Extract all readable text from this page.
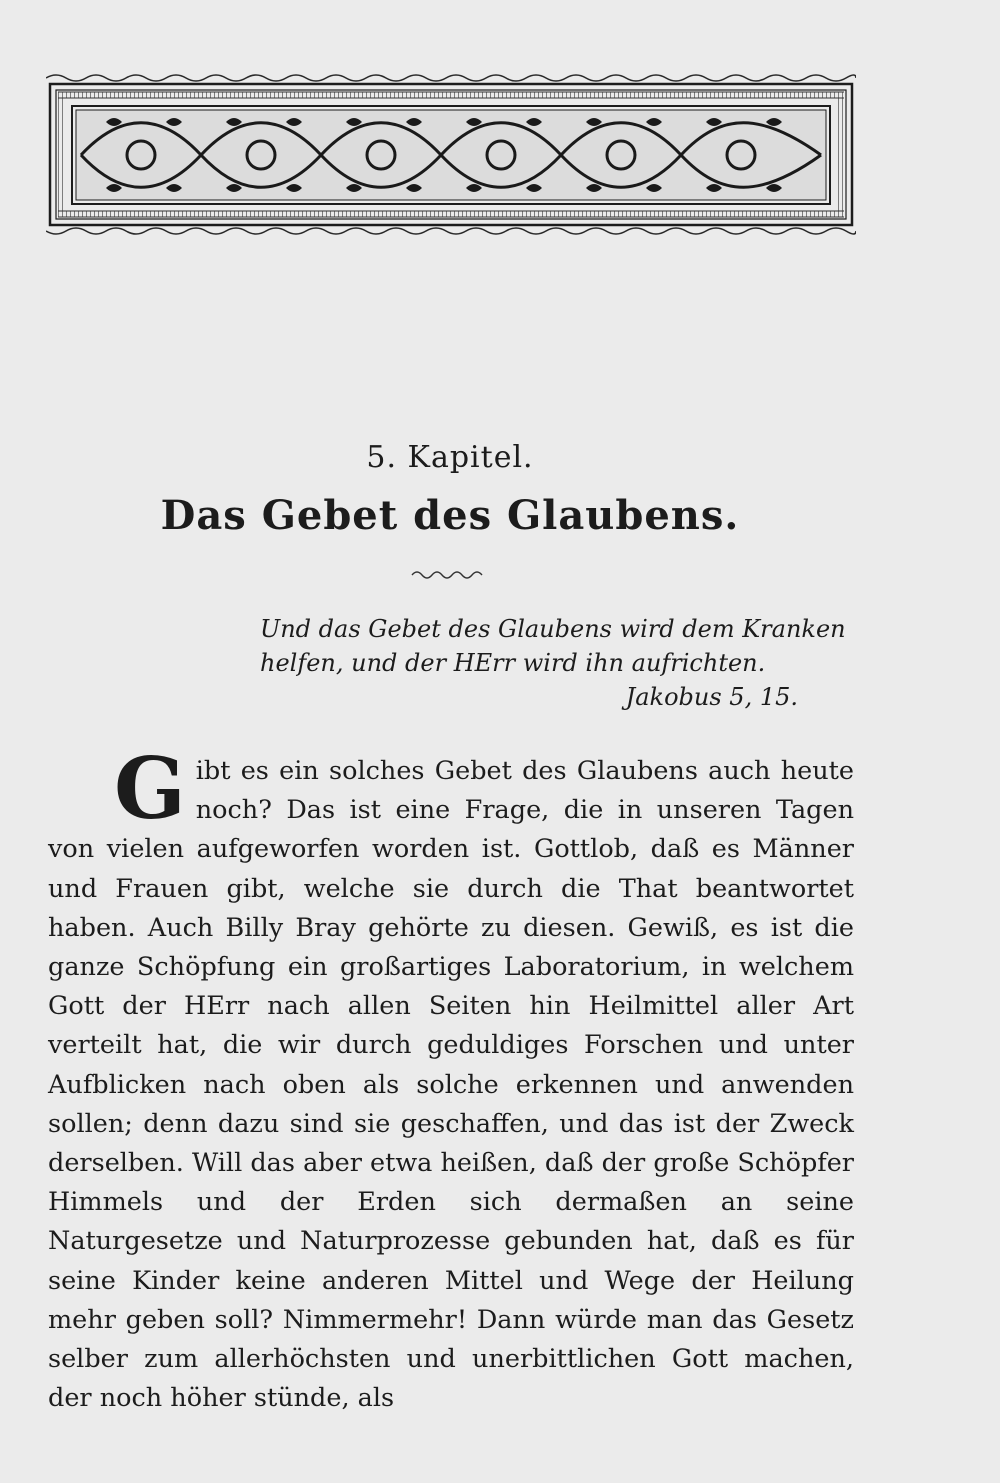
5. Kapitel.
Das Gebet des Glaubens.
Und das Gebet des Glaubens wird dem Kranken
helfen, und der HErr wird ihn aufrichten.
Jakobus 5, 15.

Gibt es ein solches Gebet des Glaubens auch heute noch? Das ist eine Frage, die in unseren Tagen von vielen aufgeworfen worden ist. Gottlob, daß es Männer und Frauen gibt, welche sie durch die That beantwortet haben. Auch Billy Bray gehörte zu diesen. Gewiß, es ist die ganze Schöpfung ein großartiges Laboratorium, in welchem Gott der HErr nach allen Seiten hin Heilmittel aller Art verteilt hat, die wir durch geduldiges Forschen und unter Aufblicken nach oben als solche erkennen und anwenden sollen; denn dazu sind sie geschaffen, und das ist der Zweck derselben. Will das aber etwa heißen, daß der große Schöpfer Himmels und der Erden sich dermaßen an seine Naturgesetze und Naturprozesse gebunden hat, daß es für seine Kinder keine anderen Mittel und Wege der Heilung mehr geben soll? Nimmermehr! Dann würde man das Gesetz selber zum allerhöchsten und unerbittlichen Gott machen, der noch höher stünde, als
